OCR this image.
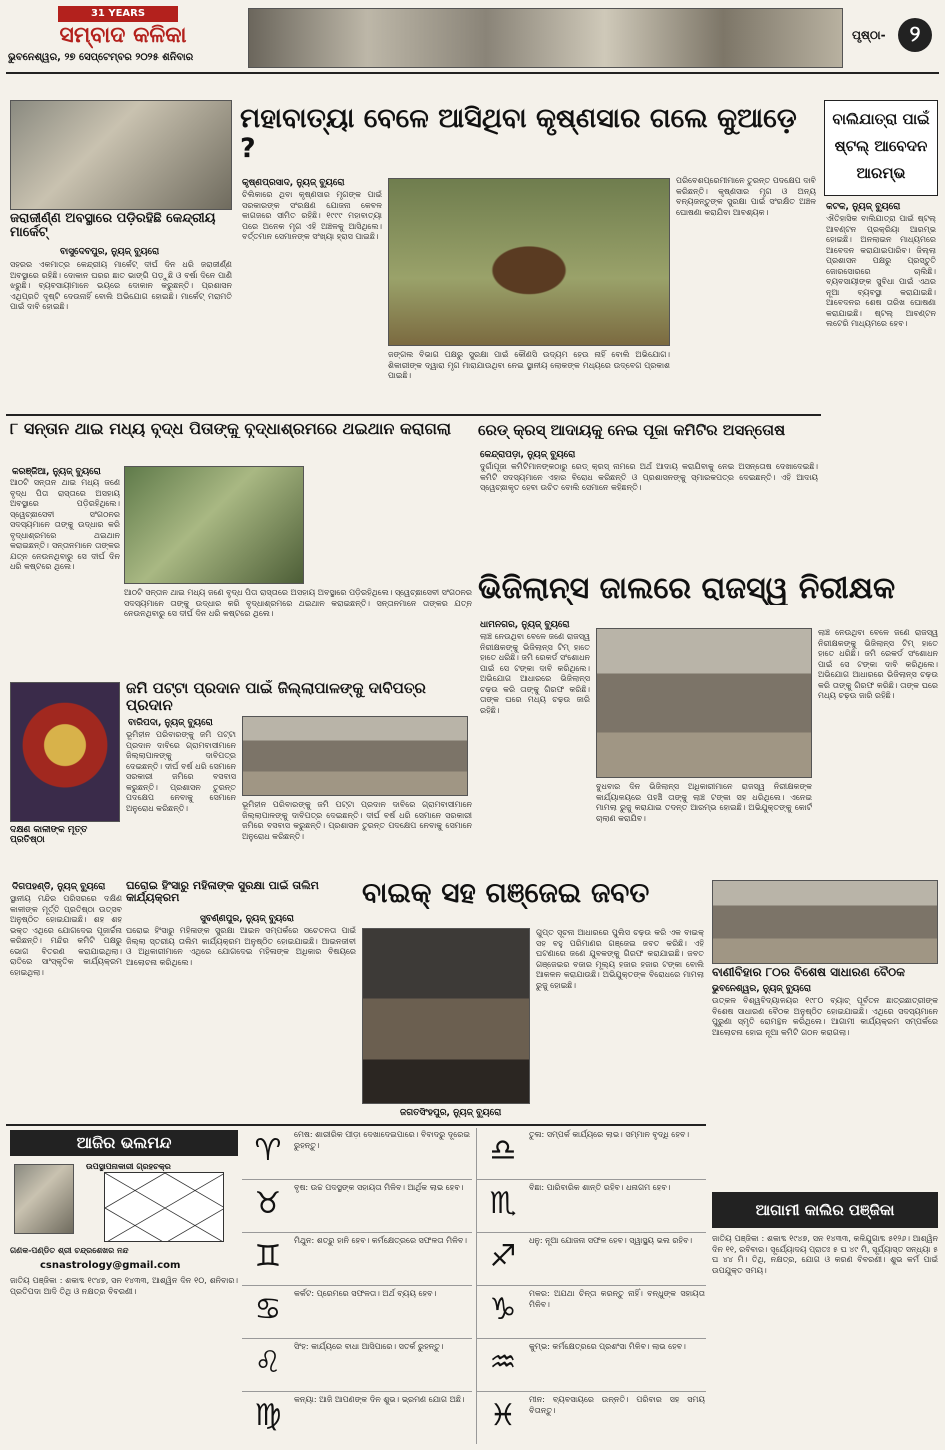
31 YEARS
ସମ୍ବାଦ କଳିକା
ଭୁବନେଶ୍ୱର, ୨୭ ସେପ୍ଟେମ୍ବର ୨୦୨୫ ଶନିବାର
ପୃଷ୍ଠା-	୨
ଜରାଜୀର୍ଣ୍ଣ ଅବସ୍ଥାରେ ପଡ଼ିରହିଛି କେନ୍ଦ୍ରୀୟ ମାର୍କେଟ୍
ବାସୁଦେବପୁର, ନ୍ୟୁଜ୍ ବ୍ୟୁରୋ
ସହରର ଏକମାତ୍ର କେନ୍ଦ୍ରୀୟ ମାର୍କେଟ୍ ଦୀର୍ଘ ଦିନ ଧରି ଜରାଜୀର୍ଣ୍ଣ ଅବସ୍ଥାରେ ରହିଛି। ଦୋକାନ ଘରର ଛାତ ଭାଙ୍ଗି ପଡ଼ୁଛି ଓ ବର୍ଷା ଦିନେ ପାଣି ଝରୁଛି। ବ୍ୟବସାୟୀମାନେ ଭୟରେ ଦୋକାନ କରୁଛନ୍ତି। ପ୍ରଶାସନ ଏଥିପ୍ରତି ଦୃଷ୍ଟି ଦେଉନାହିଁ ବୋଲି ଅଭିଯୋଗ ହୋଇଛି। ମାର୍କେଟ୍ ମରାମତି ପାଇଁ ଦାବି ହୋଇଛି।
ମହାବାତ୍ୟା ବେଳେ ଆସିଥିବା କୃଷ୍ଣସାର ଗଲେ କୁଆଡ଼େ ?
କୃଷ୍ଣପ୍ରସାଦ, ନ୍ୟୁଜ୍ ବ୍ୟୁରୋ
ଚିଲିକାରେ ଥିବା କୃଷ୍ଣସାର ମୃଗଙ୍କ ପାଇଁ ସରକାରଙ୍କ ସଂରକ୍ଷଣ ଯୋଜନା କେବଳ କାଗଜରେ ସୀମିତ ରହିଛି। ୧୯୯୯ ମହାବାତ୍ୟା ପରେ ଅନେକ ମୃଗ ଏହି ଅଞ୍ଚଳକୁ ଆସିଥିଲେ। ବର୍ତ୍ତମାନ ସେମାନଙ୍କ ସଂଖ୍ୟା ହ୍ରାସ ପାଇଛି।
ଜଙ୍ଗଲ ବିଭାଗ ପକ୍ଷରୁ ସୁରକ୍ଷା ପାଇଁ କୌଣସି ଉଦ୍ୟମ ହେଉ ନାହିଁ ବୋଲି ଅଭିଯୋଗ। ଶିକାରୀଙ୍କ ଦ୍ୱାରା ମୃଗ ମାରାଯାଉଥିବା ନେଇ ସ୍ଥାନୀୟ ଲୋକଙ୍କ ମଧ୍ୟରେ ଉଦ୍‌ବେଗ ପ୍ରକାଶ ପାଇଛି।
ପରିବେଶପ୍ରେମୀମାନେ ତୁରନ୍ତ ପଦକ୍ଷେପ ଦାବି କରିଛନ୍ତି। କୃଷ୍ଣସାର ମୃଗ ଓ ଅନ୍ୟ ବନ୍ୟଜନ୍ତୁଙ୍କ ସୁରକ୍ଷା ପାଇଁ ସଂରକ୍ଷିତ ଅଞ୍ଚଳ ଘୋଷଣା କରାଯିବା ଆବଶ୍ୟକ।
ବାଲିଯାତ୍ରା ପାଇଁ ଷ୍ଟଲ୍ ଆବେଦନ ଆରମ୍ଭ
କଟକ, ନ୍ୟୁଜ୍ ବ୍ୟୁରୋ
ଐତିହାସିକ ବାଲିଯାତ୍ରା ପାଇଁ ଷ୍ଟଲ୍ ଆବଣ୍ଟନ ପ୍ରକ୍ରିୟା ଆରମ୍ଭ ହୋଇଛି। ଅନଲାଇନ ମାଧ୍ୟମରେ ଆବେଦନ କରାଯାଇପାରିବ। ଜିଲ୍ଲା ପ୍ରଶାସନ ପକ୍ଷରୁ ପ୍ରସ୍ତୁତି ଜୋରସୋରରେ ଚାଲିଛି। ବ୍ୟବସାୟୀଙ୍କ ସୁବିଧା ପାଇଁ ଏଥର ନୂଆ ବ୍ୟବସ୍ଥା କରାଯାଇଛି। ଆବେଦନର ଶେଷ ତାରିଖ ଘୋଷଣା କରାଯାଇଛି। ଷ୍ଟଲ୍ ଆବଣ୍ଟନ ଲଟେରି ମାଧ୍ୟମରେ ହେବ।
୮ ସନ୍ତାନ ଥାଇ ମଧ୍ୟ ବୃଦ୍ଧ ପିତାଙ୍କୁ ବୃଦ୍ଧାଶ୍ରମରେ ଥଇଥାନ କରାଗଲା
କରଞ୍ଜିଆ, ନ୍ୟୁଜ୍ ବ୍ୟୁରୋ
ଆଠଟି ସନ୍ତାନ ଥାଇ ମଧ୍ୟ ଜଣେ ବୃଦ୍ଧ ପିତା ରାସ୍ତାରେ ଅସହାୟ ଅବସ୍ଥାରେ ପଡ଼ିରହିଥିଲେ। ସ୍ୱେଚ୍ଛାସେବୀ ସଂଗଠନର ସଦସ୍ୟମାନେ ତାଙ୍କୁ ଉଦ୍ଧାର କରି ବୃଦ୍ଧାଶ୍ରମରେ ଥଇଥାନ କରାଇଛନ୍ତି। ସନ୍ତାନମାନେ ତାଙ୍କର ଯତ୍ନ ନେଉନଥିବାରୁ ସେ ଦୀର୍ଘ ଦିନ ଧରି କଷ୍ଟରେ ଥିଲେ।
ଆଠଟି ସନ୍ତାନ ଥାଇ ମଧ୍ୟ ଜଣେ ବୃଦ୍ଧ ପିତା ରାସ୍ତାରେ ଅସହାୟ ଅବସ୍ଥାରେ ପଡ଼ିରହିଥିଲେ। ସ୍ୱେଚ୍ଛାସେବୀ ସଂଗଠନର ସଦସ୍ୟମାନେ ତାଙ୍କୁ ଉଦ୍ଧାର କରି ବୃଦ୍ଧାଶ୍ରମରେ ଥଇଥାନ କରାଇଛନ୍ତି। ସନ୍ତାନମାନେ ତାଙ୍କର ଯତ୍ନ ନେଉନଥିବାରୁ ସେ ଦୀର୍ଘ ଦିନ ଧରି କଷ୍ଟରେ ଥିଲେ।
ରେଡ୍ କ୍ରସ୍ ଆଦାୟକୁ ନେଇ ପୂଜା କମିଟିର ଅସନ୍ତୋଷ
କେନ୍ଦ୍ରାପଡ଼ା, ନ୍ୟୁଜ୍ ବ୍ୟୁରୋ
ଦୁର୍ଗାପୂଜା କମିଟିମାନଙ୍କଠାରୁ ରେଡ୍ କ୍ରସ୍ ନାମରେ ଅର୍ଥ ଆଦାୟ କରାଯିବାକୁ ନେଇ ଅସନ୍ତୋଷ ଦେଖାଦେଇଛି। କମିଟି ସଦସ୍ୟମାନେ ଏହାର ବିରୋଧ କରିଛନ୍ତି ଓ ପ୍ରଶାସନଙ୍କୁ ସ୍ମାରକପତ୍ର ଦେଇଛନ୍ତି। ଏହି ଆଦାୟ ସ୍ୱେଚ୍ଛାକୃତ ହେବା ଉଚିତ ବୋଲି ସେମାନେ କହିଛନ୍ତି।
ଭିଜିଲାନ୍ସ ଜାଲରେ ରାଜସ୍ୱ ନିରୀକ୍ଷକ
ଧାମନଗର, ନ୍ୟୁଜ୍ ବ୍ୟୁରୋ
ଲାଞ୍ଚ ନେଉଥିବା ବେଳେ ଜଣେ ରାଜସ୍ୱ ନିରୀକ୍ଷକଙ୍କୁ ଭିଜିଲାନ୍ସ ଟିମ୍ ହାତେ ହାତେ ଧରିଛି। ଜମି ରେକର୍ଡ ସଂଶୋଧନ ପାଇଁ ସେ ଟଙ୍କା ଦାବି କରିଥିଲେ। ଅଭିଯୋଗ ଆଧାରରେ ଭିଜିଲାନ୍ସ ଚଢ଼ଉ କରି ତାଙ୍କୁ ଗିରଫ କରିଛି। ତାଙ୍କ ଘରେ ମଧ୍ୟ ଚଢ଼ଉ ଜାରି ରହିଛି।
ବୁଧବାର ଦିନ ଭିଜିଲାନ୍ସ ଅଧିକାରୀମାନେ ରାଜସ୍ୱ ନିରୀକ୍ଷକଙ୍କ କାର୍ଯ୍ୟାଳୟରେ ପହଞ୍ଚି ତାଙ୍କୁ ଲାଞ୍ଚ ଟଙ୍କା ସହ ଧରିଥିଲେ। ଏନେଇ ମାମଲା ରୁଜୁ କରାଯାଇ ତଦନ୍ତ ଆରମ୍ଭ ହୋଇଛି। ଅଭିଯୁକ୍ତଙ୍କୁ କୋର୍ଟ ଚାଲାଣ କରାଯିବ।
ଲାଞ୍ଚ ନେଉଥିବା ବେଳେ ଜଣେ ରାଜସ୍ୱ ନିରୀକ୍ଷକଙ୍କୁ ଭିଜିଲାନ୍ସ ଟିମ୍ ହାତେ ହାତେ ଧରିଛି। ଜମି ରେକର୍ଡ ସଂଶୋଧନ ପାଇଁ ସେ ଟଙ୍କା ଦାବି କରିଥିଲେ। ଅଭିଯୋଗ ଆଧାରରେ ଭିଜିଲାନ୍ସ ଚଢ଼ଉ କରି ତାଙ୍କୁ ଗିରଫ କରିଛି। ତାଙ୍କ ଘରେ ମଧ୍ୟ ଚଢ଼ଉ ଜାରି ରହିଛି।
ଦକ୍ଷିଣ କାଳୀଙ୍କ ମୂର୍ତ୍ତି ପ୍ରତିଷ୍ଠା
ଦିଗପହଣ୍ଡି, ନ୍ୟୁଜ୍ ବ୍ୟୁରୋ
ସ୍ଥାନୀୟ ମନ୍ଦିର ପରିସରରେ ଦକ୍ଷିଣ କାଳୀଙ୍କ ମୂର୍ତ୍ତି ପ୍ରତିଷ୍ଠା ଉତ୍ସବ ଅନୁଷ୍ଠିତ ହୋଇଯାଇଛି। ଶହ ଶହ ଭକ୍ତ ଏଥିରେ ଯୋଗଦେଇ ପୂଜାର୍ଚ୍ଚନା କରିଛନ୍ତି। ମନ୍ଦିର କମିଟି ପକ୍ଷରୁ ଭୋଗ ବିତରଣ କରାଯାଇଥିଲା। ରାତିରେ ସାଂସ୍କୃତିକ କାର୍ଯ୍ୟକ୍ରମ ହୋଇଥିଲା।
ଜମି ପଟ୍ଟା ପ୍ରଦାନ ପାଇଁ ଜିଲ୍ଲାପାଳଙ୍କୁ ଦାବିପତ୍ର ପ୍ରଦାନ
ବାରିପଦା, ନ୍ୟୁଜ୍ ବ୍ୟୁରୋ
ଭୂମିହୀନ ପରିବାରଙ୍କୁ ଜମି ପଟ୍ଟା ପ୍ରଦାନ ଦାବିରେ ଗ୍ରାମବାସୀମାନେ ଜିଲ୍ଲାପାଳଙ୍କୁ ଦାବିପତ୍ର ଦେଇଛନ୍ତି। ଦୀର୍ଘ ବର୍ଷ ଧରି ସେମାନେ ସରକାରୀ ଜମିରେ ବସବାସ କରୁଛନ୍ତି। ପ୍ରଶାସନ ତୁରନ୍ତ ପଦକ୍ଷେପ ନେବାକୁ ସେମାନେ ଅନୁରୋଧ କରିଛନ୍ତି।	ଭୂମିହୀନ ପରିବାରଙ୍କୁ ଜମି ପଟ୍ଟା ପ୍ରଦାନ ଦାବିରେ ଗ୍ରାମବାସୀମାନେ ଜିଲ୍ଲାପାଳଙ୍କୁ ଦାବିପତ୍ର ଦେଇଛନ୍ତି। ଦୀର୍ଘ ବର୍ଷ ଧରି ସେମାନେ ସରକାରୀ ଜମିରେ ବସବାସ କରୁଛନ୍ତି। ପ୍ରଶାସନ ତୁରନ୍ତ ପଦକ୍ଷେପ ନେବାକୁ ସେମାନେ ଅନୁରୋଧ କରିଛନ୍ତି।
ଘରୋଇ ହିଂସାରୁ ମହିଳାଙ୍କ ସୁରକ୍ଷା ପାଇଁ ତାଲିମ କାର୍ଯ୍ୟକ୍ରମ
ସୁବର୍ଣ୍ଣପୁର, ନ୍ୟୁଜ୍ ବ୍ୟୁରୋ
ଘରୋଇ ହିଂସାରୁ ମହିଳାଙ୍କ ସୁରକ୍ଷା ଆଇନ ସମ୍ପର୍କରେ ସଚେତନତା ପାଇଁ ଜିଲ୍ଲା ସ୍ତରୀୟ ତାଲିମ କାର୍ଯ୍ୟକ୍ରମ ଅନୁଷ୍ଠିତ ହୋଇଯାଇଛି। ଆଇନଜୀବୀ ଓ ଅଧିକାରୀମାନେ ଏଥିରେ ଯୋଗଦେଇ ମହିଳାଙ୍କ ଅଧିକାର ବିଷୟରେ ଆଲୋଚନା କରିଥିଲେ।
ବାଇକ୍ ସହ ଗଞ୍ଜେଇ ଜବତ
ଜଗତସିଂହପୁର, ନ୍ୟୁଜ୍ ବ୍ୟୁରୋ
ଗୁପ୍ତ ସୂଚନା ଆଧାରରେ ପୁଲିସ ଚଢ଼ଉ କରି ଏକ ବାଇକ୍ ସହ ବହୁ ପରିମାଣର ଗଞ୍ଜେଇ ଜବତ କରିଛି। ଏହି ଘଟଣାରେ ଜଣେ ଯୁବକଙ୍କୁ ଗିରଫ କରାଯାଇଛି। ଜବତ ଗଞ୍ଜେଇର ବଜାର ମୂଲ୍ୟ ହଜାର ହଜାର ଟଙ୍କା ବୋଲି ଆକଳନ କରାଯାଉଛି। ଅଭିଯୁକ୍ତଙ୍କ ବିରୋଧରେ ମାମଲା ରୁଜୁ ହୋଇଛି।
ବାଣୀବିହାର ୮୦ର ବିଶେଷ ସାଧାରଣ ବୈଠକ
ଭୁବନେଶ୍ୱର, ନ୍ୟୁଜ୍ ବ୍ୟୁରୋ
ଉତ୍କଳ ବିଶ୍ୱବିଦ୍ୟାଳୟର ୧୯୮୦ ବ୍ୟାଚ୍ ପୂର୍ବତନ ଛାତ୍ରଛାତ୍ରୀଙ୍କ ବିଶେଷ ସାଧାରଣ ବୈଠକ ଅନୁଷ୍ଠିତ ହୋଇଯାଇଛି। ଏଥିରେ ସଦସ୍ୟମାନେ ପୁରୁଣା ସ୍ମୃତି ରୋମନ୍ଥନ କରିଥିଲେ। ଆଗାମୀ କାର୍ଯ୍ୟକ୍ରମ ସମ୍ପର୍କରେ ଆଲୋଚନା ହୋଇ ନୂଆ କମିଟି ଗଠନ କରାଗଲା।
ଆଜିର ଭଲମନ୍ଦ
ଉପସ୍ଥାପନାକାରୀ ଗ୍ରହଚକ୍ର
ଗଣକ-ପଣ୍ଡିତ ଶ୍ରୀ ଚନ୍ଦ୍ରଶେଖର ନନ୍ଦ
csnastrology@gmail.com
ଜାତିୟ ପଞ୍ଜିକା : ଶକାବ୍ଦ ୧୯୪୭, ସନ ୧୪୩୩, ଆଶ୍ୱିନ ଦିନ ୧୦, ଶନିବାର। ପ୍ରତିପଦା ଆଦି ତିଥି ଓ ନକ୍ଷତ୍ର ବିବରଣୀ।
♈	ମେଷ: ଶାରୀରିକ ପୀଡ଼ା ଦେଖାଦେଇପାରେ। ବିବାଦରୁ ଦୂରେଇ ରୁହନ୍ତୁ।
♉	ବୃଷ: ଉଚ୍ଚ ପଦସ୍ଥଙ୍କ ସହାୟତା ମିଳିବ। ଆର୍ଥିକ ଲାଭ ହେବ।
♊	ମିଥୁନ: ଶତ୍ରୁ ହାନି ହେବ। କର୍ମକ୍ଷେତ୍ରରେ ସଫଳତା ମିଳିବ।
♋	କର୍କଟ: ପ୍ରେମରେ ସଫଳତା। ଅର୍ଥ ବ୍ୟୟ ହେବ।
♌	ସିଂହ: କାର୍ଯ୍ୟରେ ବାଧା ଆସିପାରେ। ସତର୍କ ରୁହନ୍ତୁ।
♍	କନ୍ୟା: ଆଜି ଆପଣଙ୍କ ଦିନ ଶୁଭ। ଭ୍ରମଣ ଯୋଗ ଅଛି।
♎	ତୁଳା: ସମ୍ପର୍କ କାର୍ଯ୍ୟରେ ଲାଭ। ସମ୍ମାନ ବୃଦ୍ଧି ହେବ।
♏	ବିଛା: ପାରିବାରିକ ଶାନ୍ତି ରହିବ। ଧନାଗମ ହେବ।
♐	ଧନୁ: ନୂଆ ଯୋଜନା ସଫଳ ହେବ। ସ୍ୱାସ୍ଥ୍ୟ ଭଲ ରହିବ।
♑	ମକର: ଅଯଥା ଚିନ୍ତା କରନ୍ତୁ ନାହିଁ। ବନ୍ଧୁଙ୍କ ସହାୟତା ମିଳିବ।
♒	କୁମ୍ଭ: କର୍ମକ୍ଷେତ୍ରରେ ପ୍ରଶଂସା ମିଳିବ। ଲାଭ ହେବ।
♓	ମୀନ: ବ୍ୟବସାୟରେ ଉନ୍ନତି। ପରିବାର ସହ ସମୟ ବିତାନ୍ତୁ।
ଆଗାମୀ କାଲିର ପଞ୍ଜିକା
ଜାତିୟ ପଞ୍ଜିକା : ଶକାବ୍ଦ ୧୯୪୭, ସନ ୧୪୩୩, କଳିଯୁଗାବ୍ଦ ୫୧୨୬। ଆଶ୍ୱିନ ଦିନ ୧୧, ରବିବାର। ସୂର୍ଯ୍ୟୋଦୟ ପ୍ରାତଃ ୫ ଘ ୪୯ ମି, ସୂର୍ଯ୍ୟାସ୍ତ ସନ୍ଧ୍ୟା ୫ ଘ ୪୪ ମି। ତିଥି, ନକ୍ଷତ୍ର, ଯୋଗ ଓ କରଣ ବିବରଣୀ। ଶୁଭ କର୍ମ ପାଇଁ ଉପଯୁକ୍ତ ସମୟ।
